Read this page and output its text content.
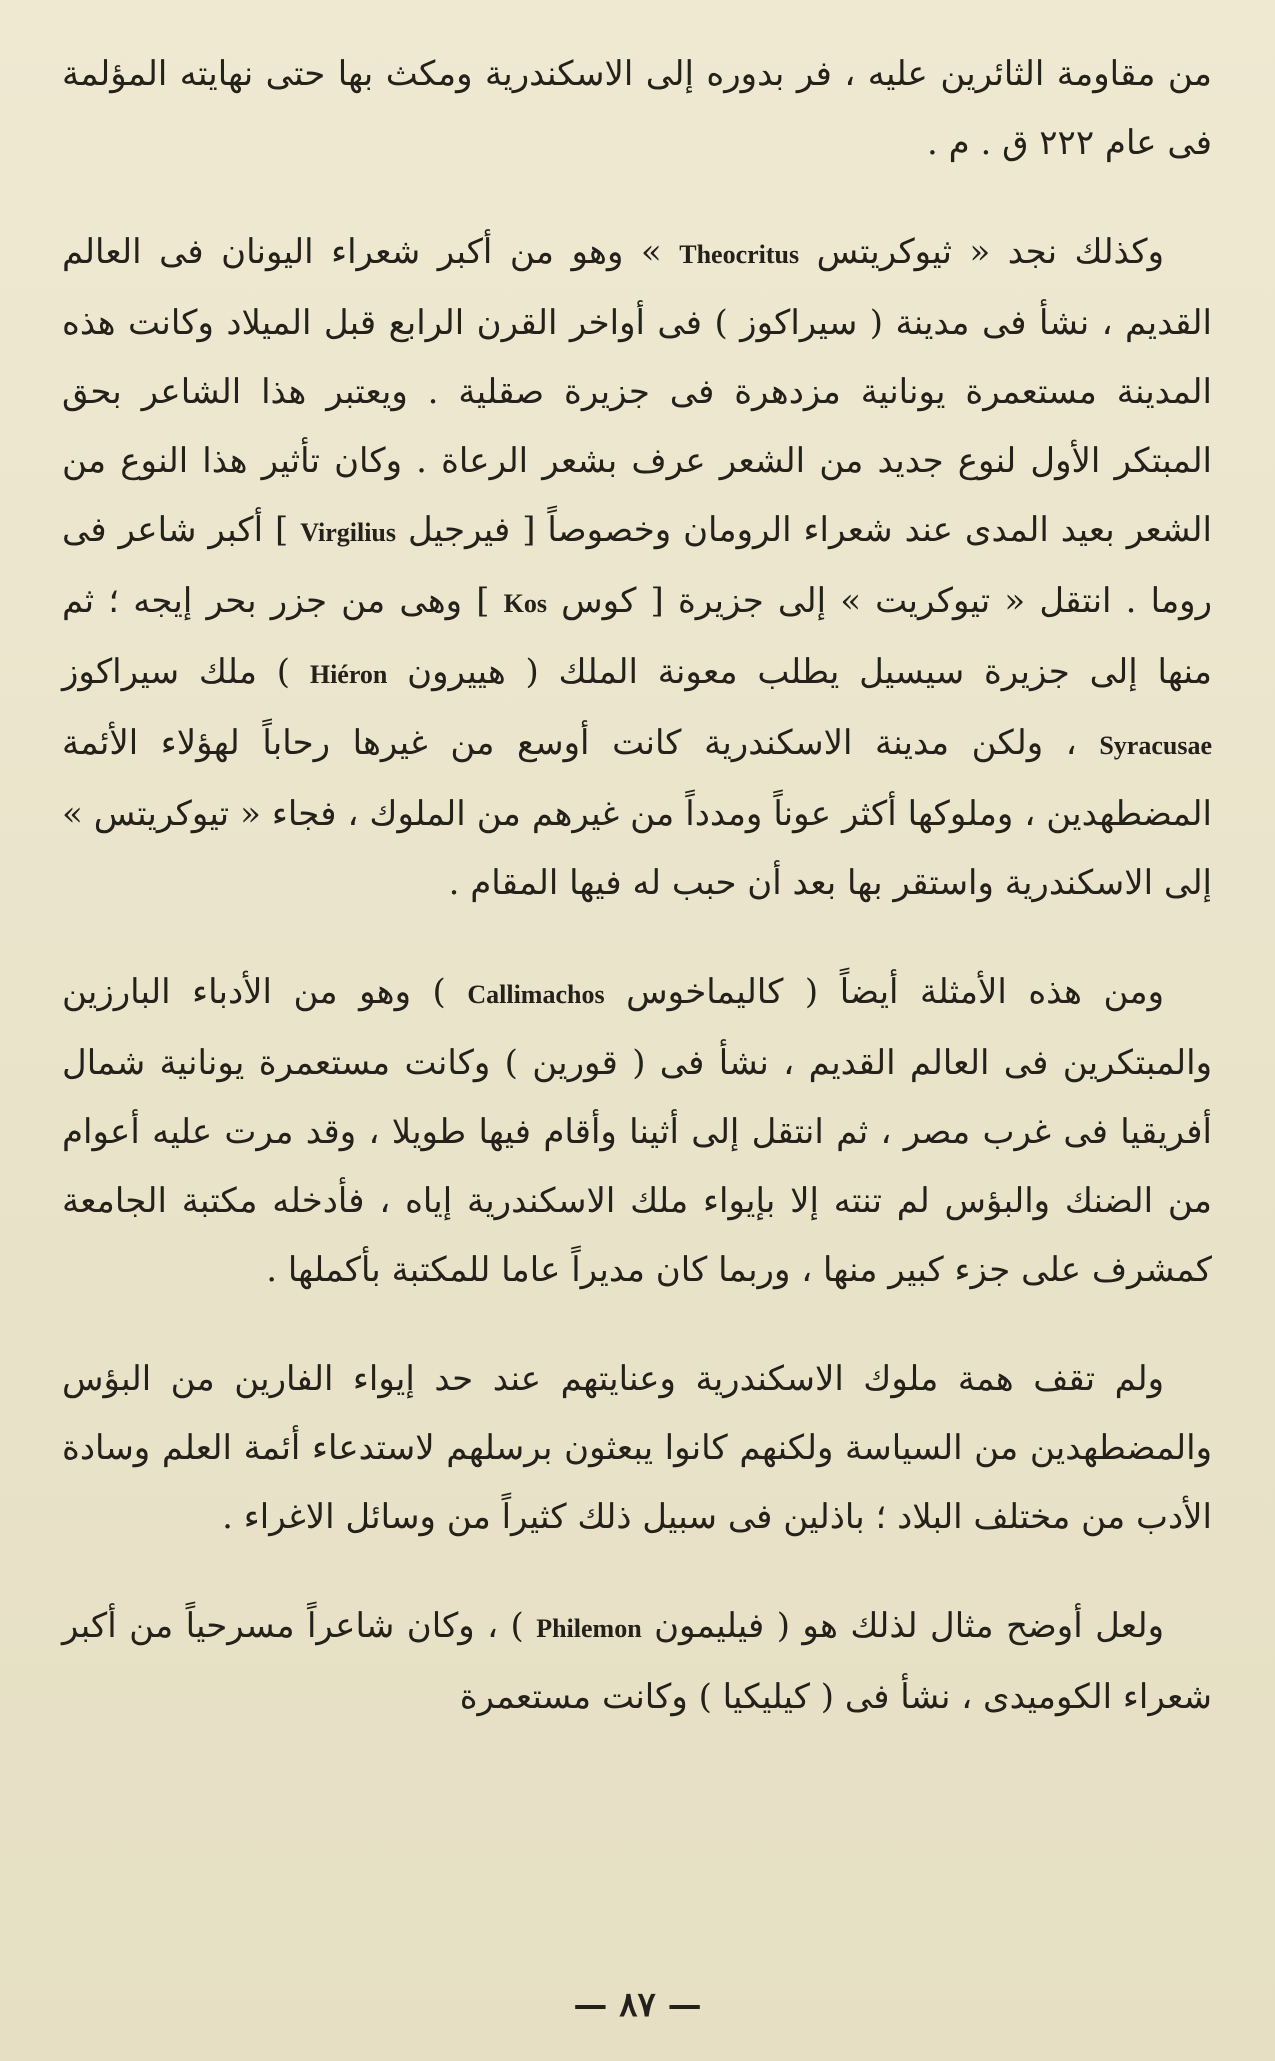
من مقاومة الثائرين عليه ، فر بدوره إلى الاسكندرية ومكث بها حتى نهايته المؤلمة فى عام ٢٢٢ ق . م .

وكذلك نجد « ثيوكريتس Theocritus » وهو من أكبر شعراء اليونان فى العالم القديم ، نشأ فى مدينة ( سيراكوز ) فى أواخر القرن الرابع قبل الميلاد وكانت هذه المدينة مستعمرة يونانية مزدهرة فى جزيرة صقلية . ويعتبر هذا الشاعر بحق المبتكر الأول لنوع جديد من الشعر عرف بشعر الرعاة . وكان تأثير هذا النوع من الشعر بعيد المدى عند شعراء الرومان وخصوصاً [ فيرجيل Virgilius ] أكبر شاعر فى روما . انتقل « تيوكريت » إلى جزيرة [ كوس Kos ] وهى من جزر بحر إيجه ؛ ثم منها إلى جزيرة سيسيل يطلب معونة الملك ( هييرون Hiéron ) ملك سيراكوز Syracusae ، ولكن مدينة الاسكندرية كانت أوسع من غيرها رحاباً لهؤلاء الأئمة المضطهدين ، وملوكها أكثر عوناً ومدداً من غيرهم من الملوك ، فجاء « تيوكريتس » إلى الاسكندرية واستقر بها بعد أن حبب له فيها المقام .

ومن هذه الأمثلة أيضاً ( كاليماخوس Callimachos ) وهو من الأدباء البارزين والمبتكرين فى العالم القديم ، نشأ فى ( قورين ) وكانت مستعمرة يونانية شمال أفريقيا فى غرب مصر ، ثم انتقل إلى أثينا وأقام فيها طويلا ، وقد مرت عليه أعوام من الضنك والبؤس لم تنته إلا بإيواء ملك الاسكندرية إياه ، فأدخله مكتبة الجامعة كمشرف على جزء كبير منها ، وربما كان مديراً عاما للمكتبة بأكملها .

ولم تقف همة ملوك الاسكندرية وعنايتهم عند حد إيواء الفارين من البؤس والمضطهدين من السياسة ولكنهم كانوا يبعثون برسلهم لاستدعاء أئمة العلم وسادة الأدب من مختلف البلاد ؛ باذلين فى سبيل ذلك كثيراً من وسائل الاغراء .

ولعل أوضح مثال لذلك هو ( فيليمون Philemon ) ، وكان شاعراً مسرحياً من أكبر شعراء الكوميدى ، نشأ فى ( كيليكيا ) وكانت مستعمرة

— ٨٧ —
